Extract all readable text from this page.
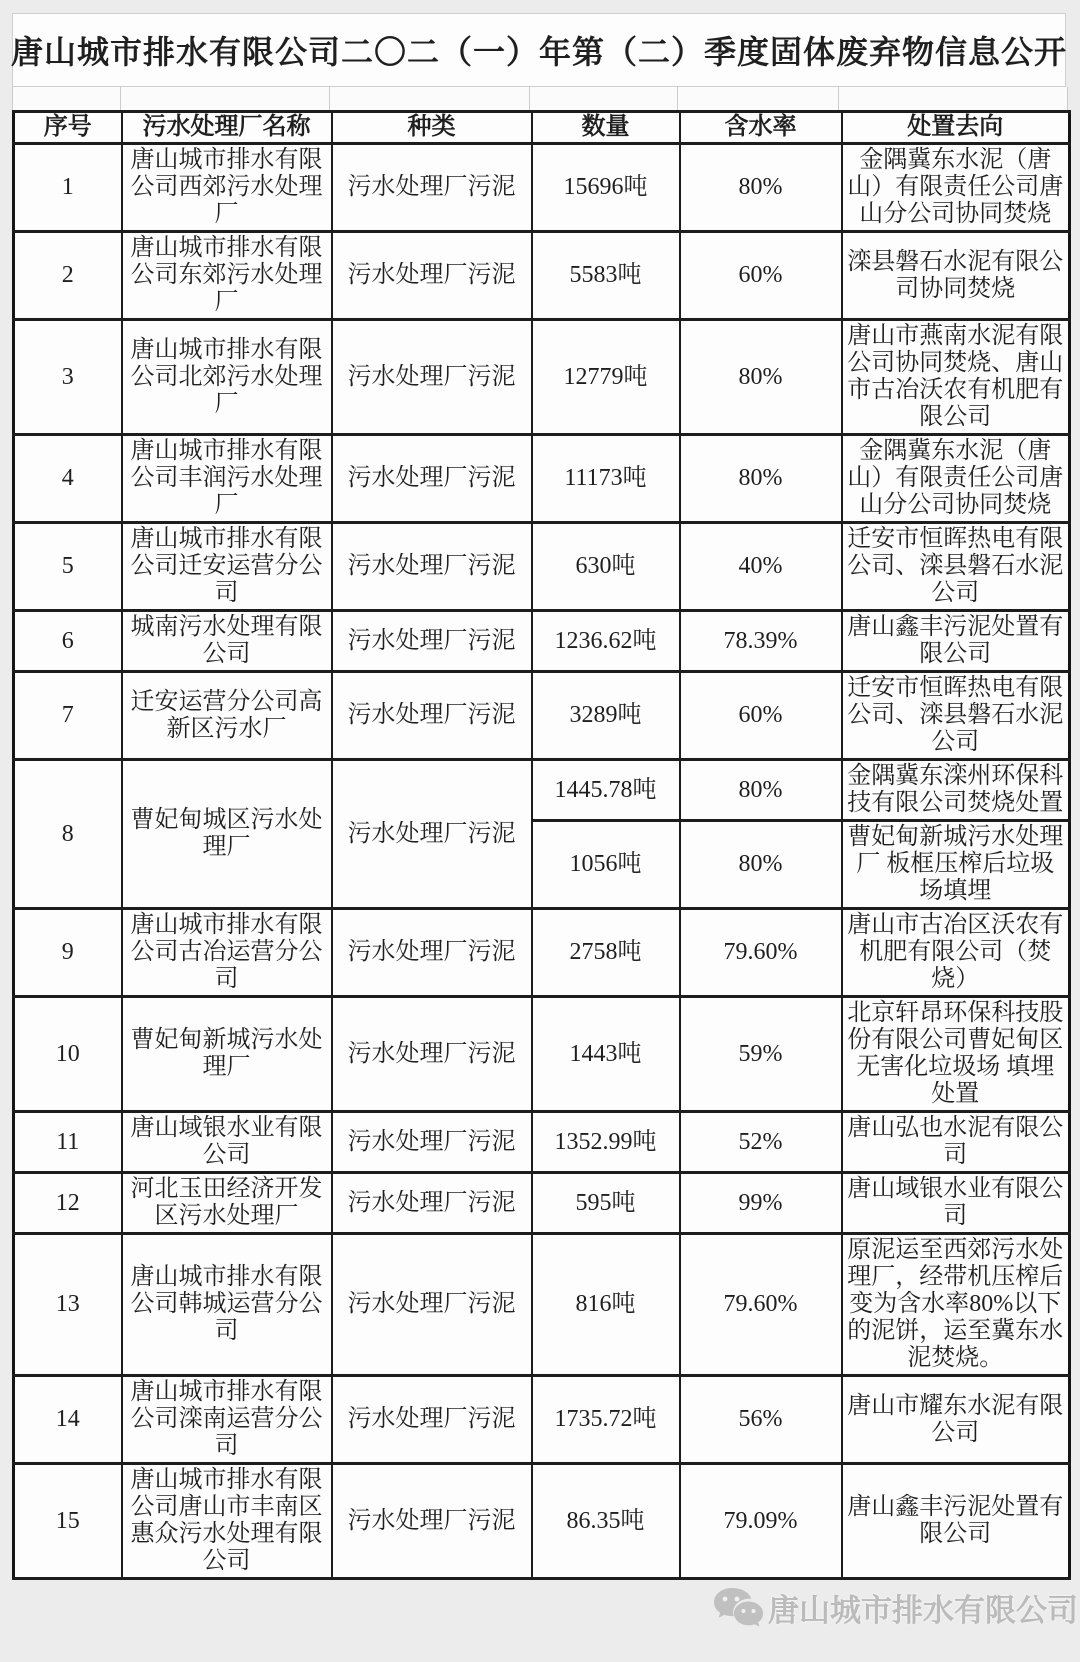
唐山城市排水有限公司二〇二（一）年第（二）季度固体废弃物信息公开
序号	污水处理厂名称	种类	数量	含水率	处置去向
1	唐山城市排水有限公司西郊污水处理厂	污水处理厂污泥	15696吨	80%	金隅冀东水泥（唐山）有限责任公司唐山分公司协同焚烧
2	唐山城市排水有限公司东郊污水处理厂	污水处理厂污泥	5583吨	60%	滦县磐石水泥有限公司协同焚烧
3	唐山城市排水有限公司北郊污水处理厂	污水处理厂污泥	12779吨	80%	唐山市燕南水泥有限公司协同焚烧、唐山市古冶沃农有机肥有限公司
4	唐山城市排水有限公司丰润污水处理厂	污水处理厂污泥	11173吨	80%	金隅冀东水泥（唐山）有限责任公司唐山分公司协同焚烧
5	唐山城市排水有限公司迁安运营分公司	污水处理厂污泥	630吨	40%	迁安市恒晖热电有限公司、滦县磐石水泥公司
6	城南污水处理有限公司	污水处理厂污泥	1236.62吨	78.39%	唐山鑫丰污泥处置有限公司
7	迁安运营分公司高新区污水厂	污水处理厂污泥	3289吨	60%	迁安市恒晖热电有限公司、滦县磐石水泥公司
8	曹妃甸城区污水处理厂	污水处理厂污泥	1445.78吨	80%	金隅冀东滦州环保科技有限公司焚烧处置
			1056吨	80%	曹妃甸新城污水处理厂 板框压榨后垃圾场填埋
9	唐山城市排水有限公司古冶运营分公司	污水处理厂污泥	2758吨	79.60%	唐山市古冶区沃农有机肥有限公司（焚烧）
10	曹妃甸新城污水处理厂	污水处理厂污泥	1443吨	59%	北京轩昂环保科技股份有限公司曹妃甸区无害化垃圾场 填埋处置
11	唐山域银水业有限公司	污水处理厂污泥	1352.99吨	52%	唐山弘也水泥有限公司
12	河北玉田经济开发区污水处理厂	污水处理厂污泥	595吨	99%	唐山域银水业有限公司
13	唐山城市排水有限公司韩城运营分公司	污水处理厂污泥	816吨	79.60%	原泥运至西郊污水处理厂，经带机压榨后变为含水率80%以下的泥饼，运至冀东水泥焚烧。
14	唐山城市排水有限公司滦南运营分公司	污水处理厂污泥	1735.72吨	56%	唐山市耀东水泥有限公司
15	唐山城市排水有限公司唐山市丰南区惠众污水处理有限公司	污水处理厂污泥	86.35吨	79.09%	唐山鑫丰污泥处置有限公司
唐山城市排水有限公司
